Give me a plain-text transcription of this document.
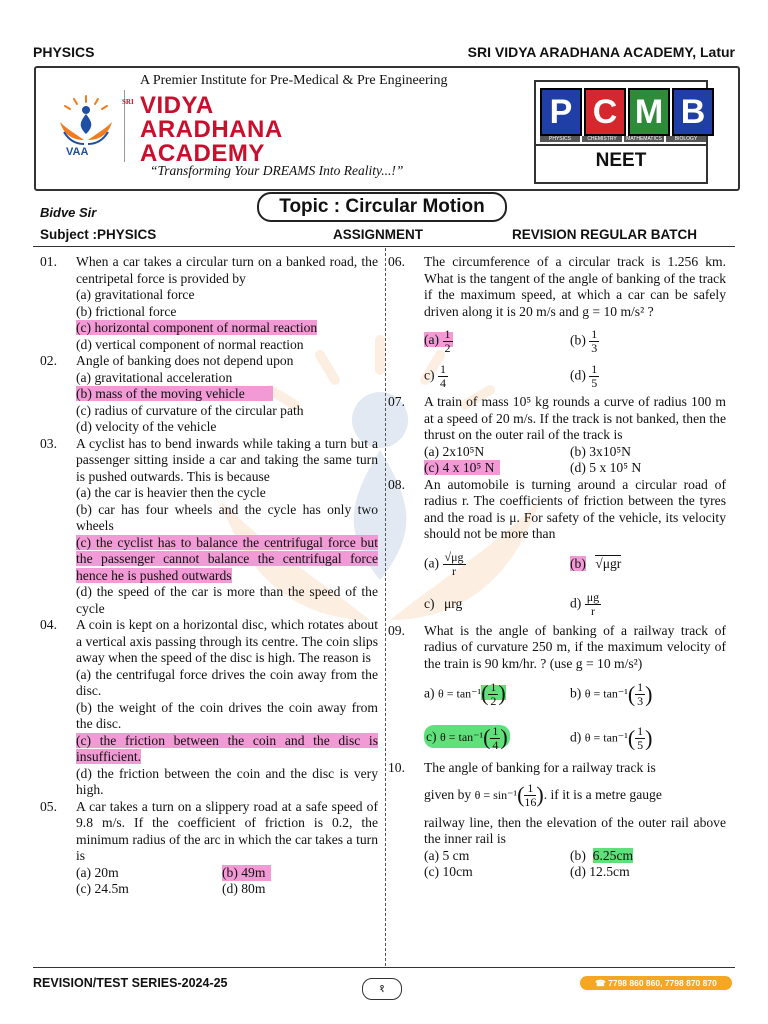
PHYSICS	SRI VIDYA ARADHANA ACADEMY, Latur
VAA
A Premier Institute for Pre-Medical & Pre Engineering
SRI VIDYA
ARADHANA
ACADEMY
“Transforming Your DREAMS Into Reality...!”
P C M B
PHYSICS	CHEMISTRY	MATHEMATICS	BIOLOGY
NEET
Topic : Circular Motion
Bidve Sir
Subject :PHYSICS	ASSIGNMENT	REVISION REGULAR BATCH
01.	When a car takes a circular turn on a banked road, the centripetal force is provided by

(a) gravitational force

(b) frictional force

(c) horizontal component of normal reaction

(d) vertical component of normal reaction

02.	Angle of banking does not depend upon

(a) gravitational acceleration

(b) mass of the moving vehicle

(c) radius of curvature of the circular path

(d) velocity of the vehicle

03.	A cyclist has to bend inwards while taking a turn but a passenger sitting inside a car and taking the same turn is pushed outwards. This is because

(a) the car is heavier then the cycle

(b) car has four wheels and the cycle has only two wheels

(c) the cyclist has to balance the centrifugal force but the passenger cannot balance the centrifugal force hence he is pushed outwards

(d) the speed of the car is more than the speed of the cycle

04.	A coin is kept on a horizontal disc, which rotates about a vertical axis passing through its centre. The coin slips away when the speed of the disc is high. The reason is

(a) the centrifugal force drives the coin away from the disc.

(b) the weight of the coin drives the coin away from the disc.

(c) the friction between the coin and the disc is insufficient.

(d) the friction between the coin and the disc is very high.

05.	A car takes a turn on a slippery road at a safe speed of 9.8 m/s. If the coefficient of friction is 0.2, the minimum radius of the arc in which the car takes a turn is

(a) 20m	(b) 49m

(c) 24.5m	(d) 80m

06.	The circumference of a circular track is 1.256 km. What is the tangent of the angle of banking of the track if the maximum speed, at which a car can be safely driven along it is 20 m/s and g = 10 m/s² ?

$(a) \frac{1}{2}$	$(b) \frac{1}{3}$
$c) \frac{1}{4}$	$(d) \frac{1}{5}$
07.	A train of mass 10⁵ kg rounds a curve of radius 100 m at a speed of 20 m/s. If the track is not banked, then the thrust on the outer rail of the track is

(a) 2x10⁵N	(b) 3x10⁵N

(c) 4 x 10⁵ N	(d) 5 x 10⁵ N

08.	An automobile is turning around a circular road of radius r. The coefficients of friction between the tyres and the road is μ. For safety of the vehicle, its velocity should not be more than

$(a) \frac{√\mu g}{r}$	(b) √μgr
c) μrg	$d) \frac{\mu g}{r}$
09.	What is the angle of banking of a railway track of radius of curvature 250 m, if the maximum velocity of the train is 90 km/hr. ? (use g = 10 m/s²)

a) $\theta = \tan^{-1}( \frac{1}{2}$ )	b) $\theta = \tan^{-1}( \frac{1}{3}$ )
c) $\theta = \tan^{-1}( \frac{1}{4}$ )	d) $\theta = \tan^{-1}( \frac{1}{5}$ )
10.	The angle of banking for a railway track is

given by
θ = sin⁻¹ ( $\frac{1}{16}$ ) . if it is a metre gauge

railway line, then the elevation of the outer rail above the inner rail is

(a) 5 cm	(b) 6.25cm

(c) 10cm	(d) 12.5cm

REVISION/TEST SERIES-2024-25	१	☎ 7798 860 860, 7798 870 870
